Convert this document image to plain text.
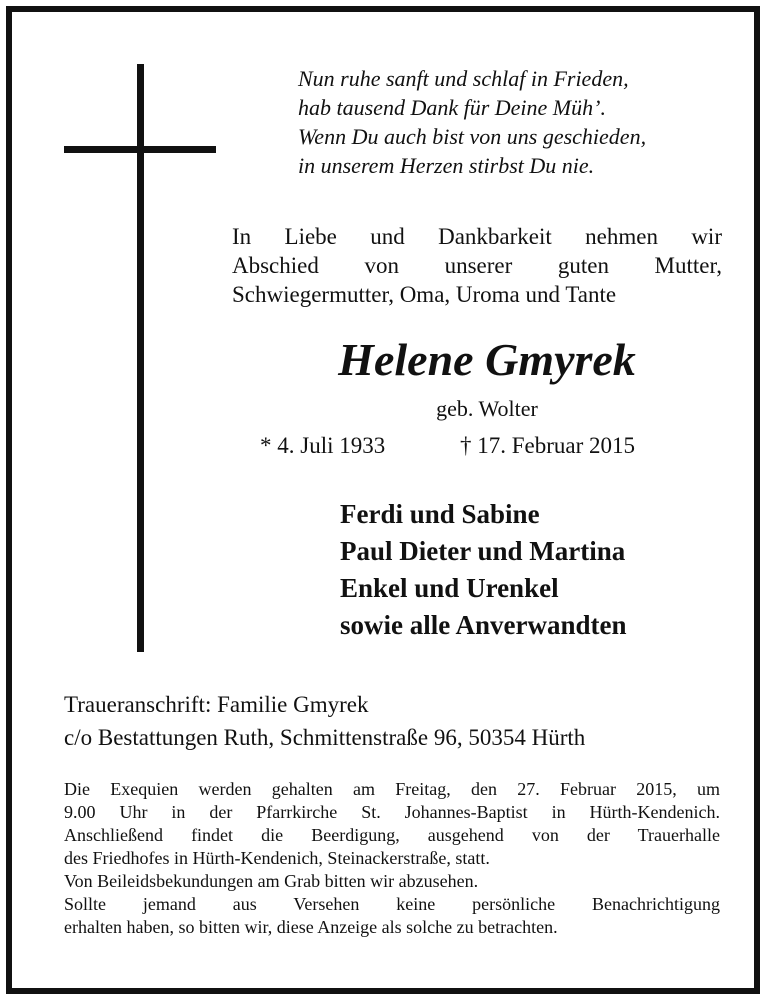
Nun ruhe sanft und schlaf in Frieden,
hab tausend Dank für Deine Müh’.
Wenn Du auch bist von uns geschieden,
in unserem Herzen stirbst Du nie.
In Liebe und Dankbarkeit nehmen wir
Abschied von unserer guten Mutter,
Schwiegermutter, Oma, Uroma und Tante
Helene Gmyrek
geb. Wolter
* 4. Juli 1933	† 17. Februar 2015
Ferdi und Sabine
Paul Dieter und Martina
Enkel und Urenkel
sowie alle Anverwandten
Traueranschrift: Familie Gmyrek
c/o Bestattungen Ruth, Schmittenstraße 96, 50354 Hürth
Die Exequien werden gehalten am Freitag, den 27. Februar 2015, um
9.00 Uhr in der Pfarrkirche St. Johannes-Baptist in Hürth-Kendenich.
Anschließend findet die Beerdigung, ausgehend von der Trauerhalle
des Friedhofes in Hürth-Kendenich, Steinackerstraße, statt.
Von Beileidsbekundungen am Grab bitten wir abzusehen.
Sollte jemand aus Versehen keine persönliche Benachrichtigung
erhalten haben, so bitten wir, diese Anzeige als solche zu betrachten.
